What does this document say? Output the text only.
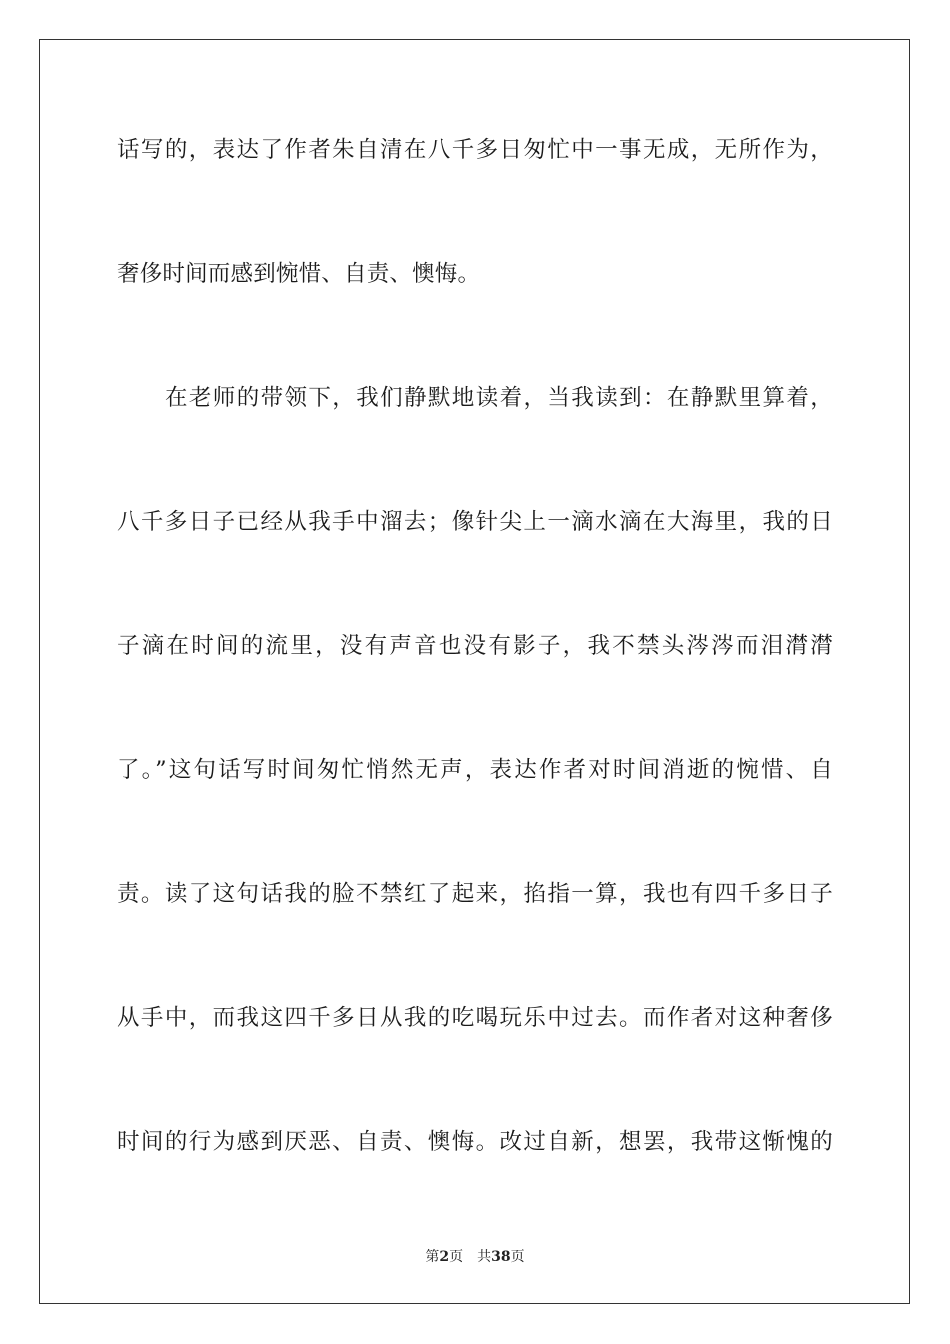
话写的，表达了作者朱自清在八千多日匆忙中一事无成，无所作为，
奢侈时间而感到惋惜、自责、懊悔。
在老师的带领下，我们静默地读着，当我读到：在静默里算着，
八千多日子已经从我手中溜去；像针尖上一滴水滴在大海里，我的日
子滴在时间的流里，没有声音也没有影子，我不禁头涔涔而泪潸潸
了。”这句话写时间匆忙悄然无声，表达作者对时间消逝的惋惜、自
责。读了这句话我的脸不禁红了起来，掐指一算，我也有四千多日子
从手中，而我这四千多日从我的吃喝玩乐中过去。而作者对这种奢侈
时间的行为感到厌恶、自责、懊悔。改过自新，想罢，我带这惭愧的
第2页 共38页
